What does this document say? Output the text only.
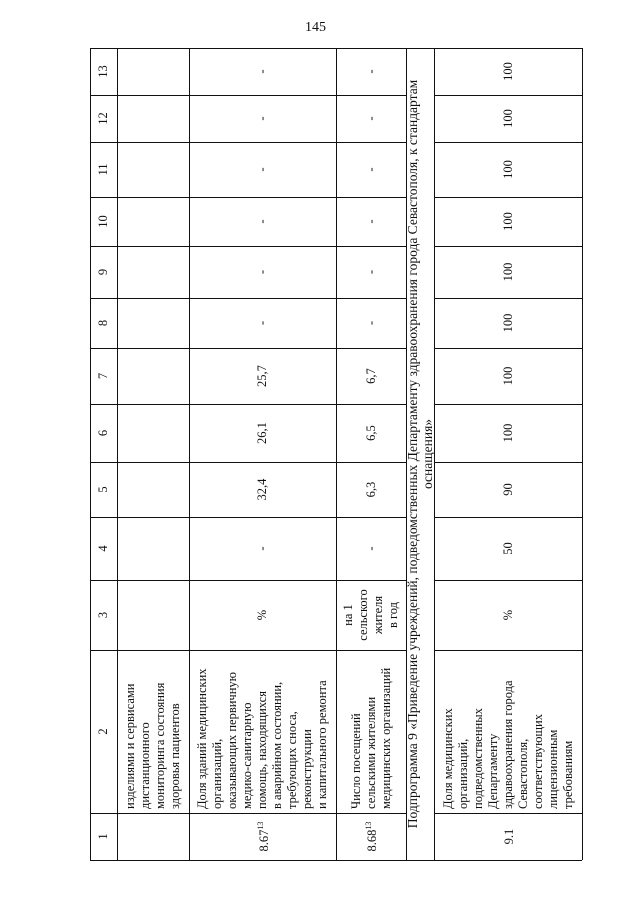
145
1
2
3
4
5
6
7
8
9
10
11
12
13
изделиями и сервисами
дистанционного
мониторинга состояния
здоровья пациентов
8.67$^{13}$
Доля зданий медицинских
организаций,
оказывающих первичную
медико-санитарную
помощь, находящихся
в аварийном состоянии,
требующих сноса,
реконструкции
и капитального ремонта
%
-
32,4
26,1
25,7
-
-
-
-
-
-
8.68$^{13}$
Число посещений
сельскими жителями
медицинских организаций
на 1
сельского
жителя
в год
-
6,3
6,5
6,7
-
-
-
-
-
-
Подпрограмма 9 «Приведение учреждений, подведомственных Департаменту здравоохранения города Севастополя, к стандартам оснащения»
9.1
Доля медицинских
организаций,
подведомственных
Департаменту
здравоохранения города
Севастополя,
соответствующих
лицензионным
требованиям
%
50
90
100
100
100
100
100
100
100
100
